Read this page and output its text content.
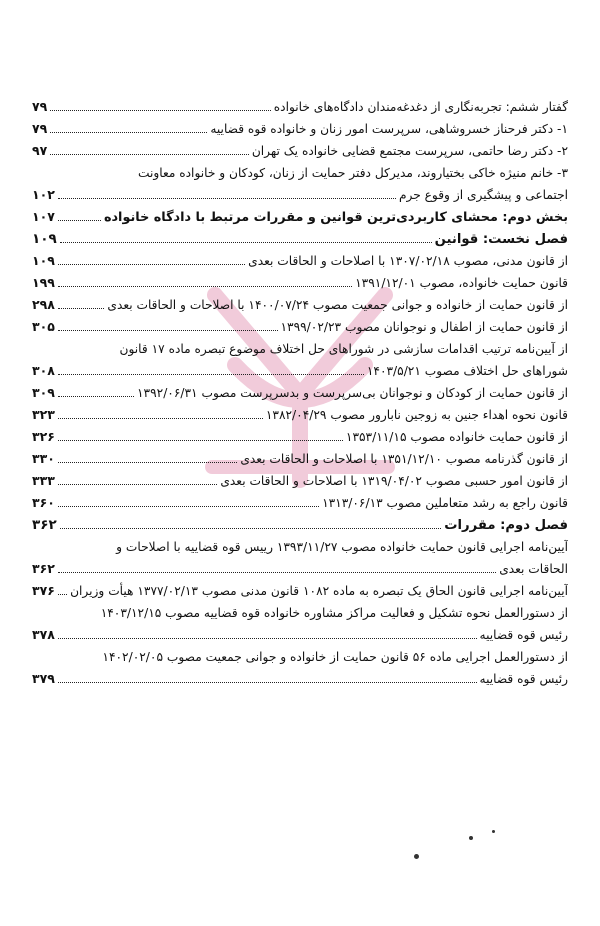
گفتار ششم: تجربه‌نگاری از دغدغه‌مندان دادگاه‌های خانواده
۷۹
۱- دکتر فرحناز خسروشاهی، سرپرست امور زنان و خانواده قوه قضاییه
۷۹
۲- دکتر رضا حاتمی، سرپرست مجتمع قضایی خانواده یک تهران
۹۷
۳- خانم منیژه خاکی بختیاروند، مدیرکل دفتر حمایت از زنان، کودکان و خانواده معاونت
اجتماعی و پیشگیری از وقوع جرم
۱۰۲
بخش دوم: محشای کاربردی‌ترین قوانین و مقررات مرتبط با دادگاه خانواده
۱۰۷
فصل نخست: قوانین
۱۰۹
از قانون مدنی، مصوب ۱۳۰۷/۰۲/۱۸ با اصلاحات و الحاقات بعدی
۱۰۹
قانون حمایت خانواده، مصوب ۱۳۹۱/۱۲/۰۱
۱۹۹
از قانون حمایت از خانواده و جوانی جمعیت مصوب ۱۴۰۰/۰۷/۲۴ با اصلاحات و الحاقات بعدی
۲۹۸
از قانون حمایت از اطفال و نوجوانان مصوب ۱۳۹۹/۰۲/۲۳
۳۰۵
از آیین‌نامه ترتیب اقدامات سازشی در شوراهای حل اختلاف موضوع تبصره ماده ۱۷ قانون
شوراهای حل اختلاف مصوب ۱۴۰۳/۵/۲۱
۳۰۸
از قانون حمایت از کودکان و نوجوانان بی‌سرپرست و بدسرپرست مصوب ۱۳۹۲/۰۶/۳۱
۳۰۹
قانون نحوه اهداء جنین به زوجین نابارور مصوب ۱۳۸۲/۰۴/۲۹
۳۲۳
از قانون حمایت خانواده مصوب ۱۳۵۳/۱۱/۱۵
۳۲۶
از قانون گذرنامه مصوب ۱۳۵۱/۱۲/۱۰ با اصلاحات و الحاقات بعدی
۳۳۰
از قانون امور حسبی مصوب ۱۳۱۹/۰۴/۰۲ با اصلاحات و الحاقات بعدی
۳۳۳
قانون راجع به رشد متعاملین مصوب ۱۳۱۳/۰۶/۱۳
۳۶۰
فصل دوم: مقررات
۳۶۲
آیین‌نامه اجرایی قانون حمایت خانواده مصوب ۱۳۹۳/۱۱/۲۷ رییس قوه قضاییه با اصلاحات و
الحاقات بعدی
۳۶۲
آیین‌نامه اجرایی قانون الحاق یک تبصره به ماده ۱۰۸۲ قانون مدنی مصوب ۱۳۷۷/۰۲/۱۳ هیأت وزیران
۳۷۶
از دستورالعمل نحوه تشکیل و فعالیت مراکز مشاوره خانواده قوه قضاییه مصوب ۱۴۰۳/۱۲/۱۵
رئیس قوه قضاییه
۳۷۸
از دستورالعمل اجرایی ماده ۵۶ قانون حمایت از خانواده و جوانی جمعیت مصوب ۱۴۰۲/۰۲/۰۵
رئیس قوه قضاییه
۳۷۹
